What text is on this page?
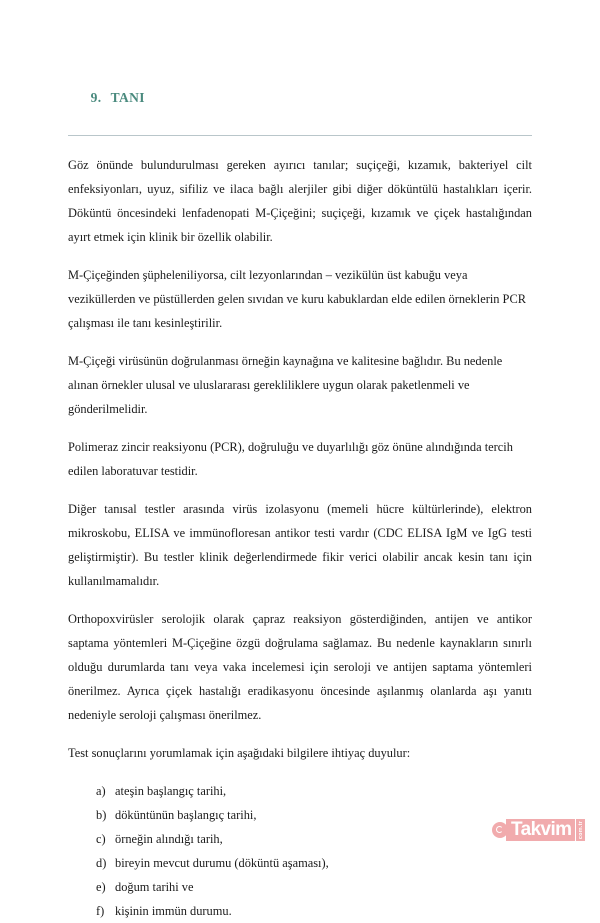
9. TANI

Göz önünde bulundurulması gereken ayırıcı tanılar; suçiçeği, kızamık, bakteriyel cilt enfeksiyonları, uyuz, sifiliz ve ilaca bağlı alerjiler gibi diğer döküntülü hastalıkları içerir. Döküntü öncesindeki lenfadenopati M-Çiçeğini; suçiçeği, kızamık ve çiçek hastalığından ayırt etmek için klinik bir özellik olabilir.

M-Çiçeğinden şüpheleniliyorsa, cilt lezyonlarından – vezikülün üst kabuğu veya veziküllerden ve püstüllerden gelen sıvıdan ve kuru kabuklardan elde edilen örneklerin PCR çalışması ile tanı kesinleştirilir.

M-Çiçeği virüsünün doğrulanması örneğin kaynağına ve kalitesine bağlıdır. Bu nedenle alınan örnekler ulusal ve uluslararası gerekliliklere uygun olarak paketlenmeli ve gönderilmelidir.

Polimeraz zincir reaksiyonu (PCR), doğruluğu ve duyarlılığı göz önüne alındığında tercih edilen laboratuvar testidir.

Diğer tanısal testler arasında virüs izolasyonu (memeli hücre kültürlerinde), elektron mikroskobu, ELISA ve immünofloresan antikor testi vardır (CDC ELISA IgM ve IgG testi geliştirmiştir). Bu testler klinik değerlendirmede fikir verici olabilir ancak kesin tanı için kullanılmamalıdır.

Orthopoxvirüsler serolojik olarak çapraz reaksiyon gösterdiğinden, antijen ve antikor saptama yöntemleri M-Çiçeğine özgü doğrulama sağlamaz. Bu nedenle kaynakların sınırlı olduğu durumlarda tanı veya vaka incelemesi için seroloji ve antijen saptama yöntemleri önerilmez. Ayrıca çiçek hastalığı eradikasyonu öncesinde aşılanmış olanlarda aşı yanıtı nedeniyle seroloji çalışması önerilmez.

Test sonuçlarını yorumlamak için aşağıdaki bilgilere ihtiyaç duyulur:

a) ateşin başlangıç tarihi,
b) döküntünün başlangıç tarihi,
c) örneğin alındığı tarih,
d) bireyin mevcut durumu (döküntü aşaması),
e) doğum tarihi ve
f) kişinin immün durumu.
Takvim	com.tr
